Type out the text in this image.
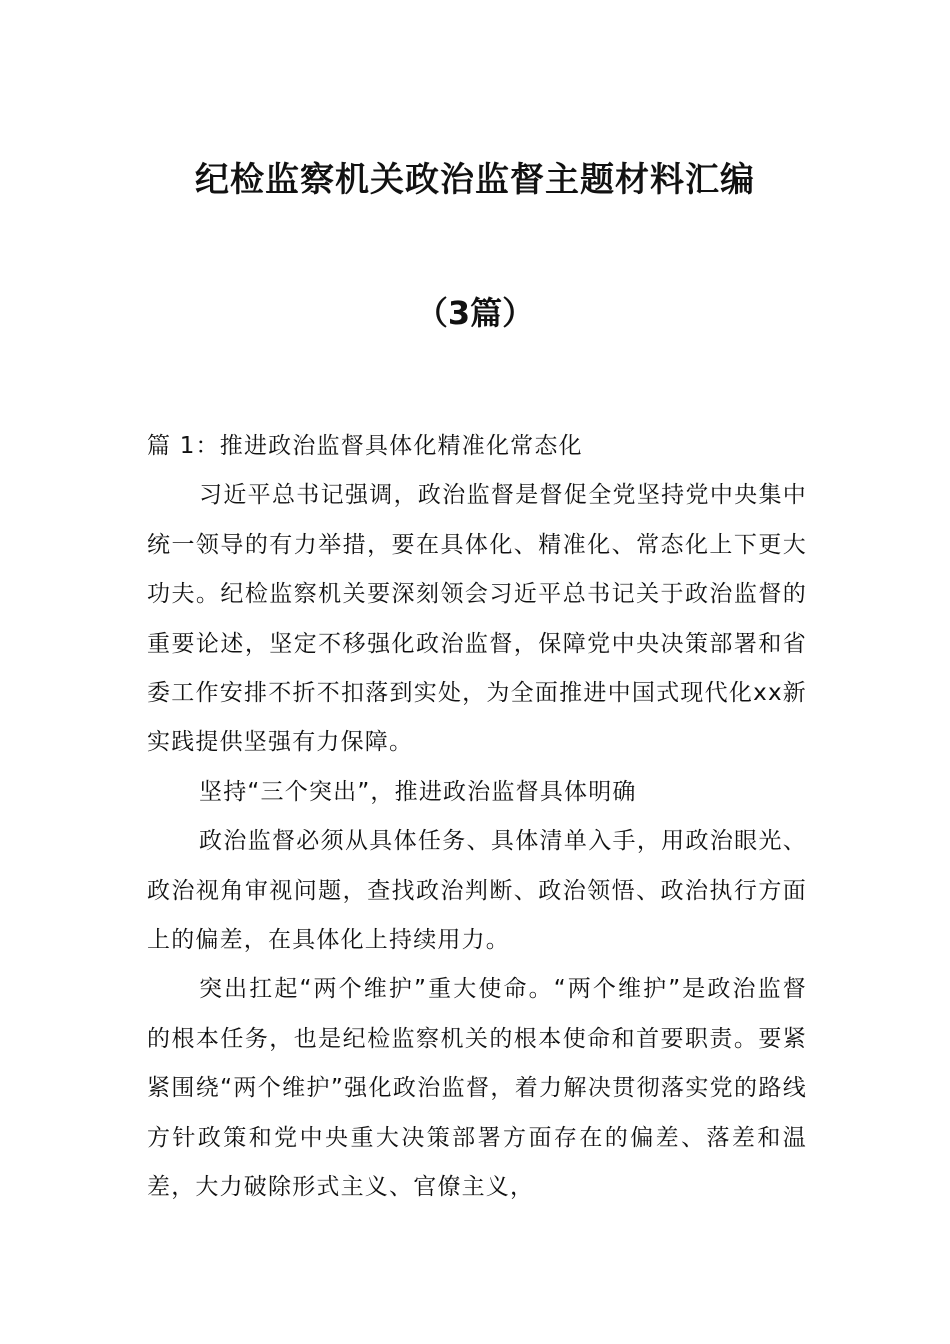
纪检监察机关政治监督主题材料汇编
（3篇）

篇 1：推进政治监督具体化精准化常态化

习近平总书记强调，政治监督是督促全党坚持党中央集中统一领导的有力举措，要在具体化、精准化、常态化上下更大功夫。纪检监察机关要深刻领会习近平总书记关于政治监督的重要论述，坚定不移强化政治监督，保障党中央决策部署和省委工作安排不折不扣落到实处，为全面推进中国式现代化xx新实践提供坚强有力保障。

坚持“三个突出”，推进政治监督具体明确

政治监督必须从具体任务、具体清单入手，用政治眼光、政治视角审视问题，查找政治判断、政治领悟、政治执行方面上的偏差，在具体化上持续用力。

突出扛起“两个维护”重大使命。“两个维护”是政治监督的根本任务，也是纪检监察机关的根本使命和首要职责。要紧紧围绕“两个维护”强化政治监督，着力解决贯彻落实党的路线方针政策和党中央重大决策部署方面存在的偏差、落差和温差，大力破除形式主义、官僚主义，
